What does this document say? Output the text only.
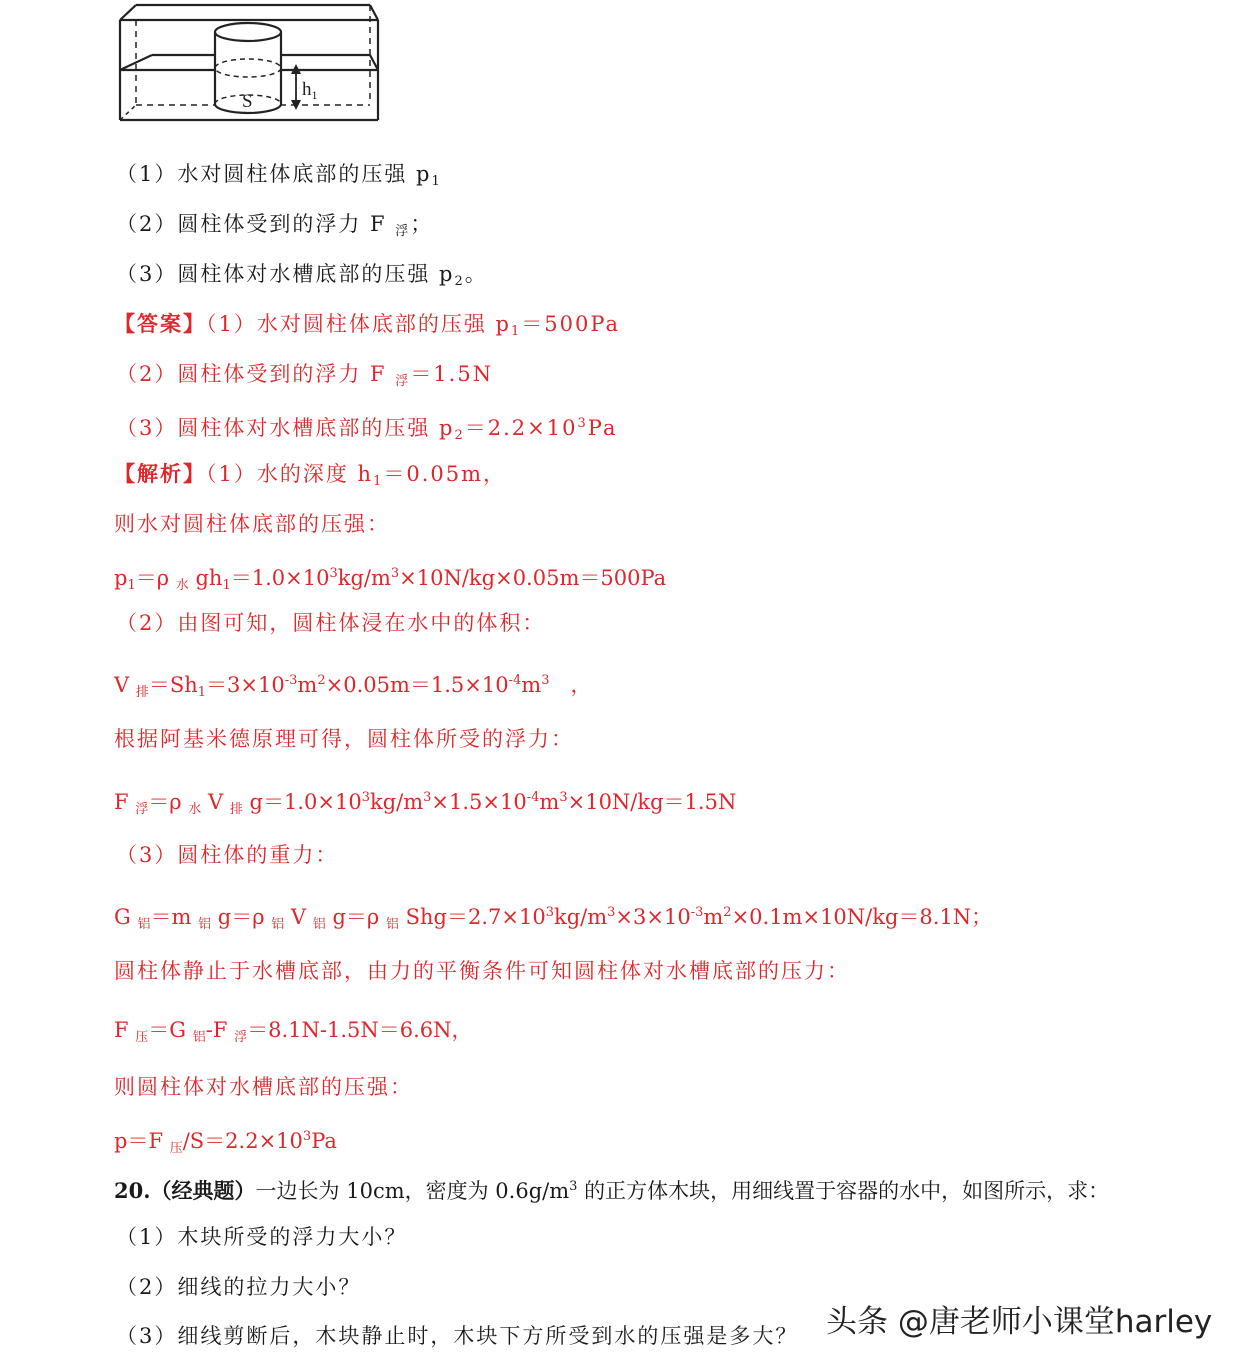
S
$h_1$
（1）水对圆柱体底部的压强 $p_1$
（2）圆柱体受到的浮力 F $_浮$；
（3）圆柱体对水槽底部的压强 $p_2$。
【答案】（1）水对圆柱体底部的压强 $p_1=500Pa$
（2）圆柱体受到的浮力 F $_浮$＝1.5N
（3）圆柱体对水槽底部的压强 $p_2=2.2\times 10^3Pa$
【解析】（1）水的深度 $h_1=0.05m$，
则水对圆柱体底部的压强：
$p_1=\rho$ $_水$ $gh_1=1.0\times 10^3kg/m^3\times 10N/kg\times 0.05m=500Pa$
（2）由图可知，圆柱体浸在水中的体积：
V $_排=Sh_1=3\times 10^{-3}m^2\times 0.05m=1.5\times 10^{-4}m^3$　，
根据阿基米德原理可得，圆柱体所受的浮力：
F $_浮$＝ρ $_水$ V $_排$ $g=1.0\times 10^3kg/m^3\times 1.5\times 10^{-4}m^3\times 10N/kg=1.5N$
（3）圆柱体的重力：
G $_铝$＝m $_铝$ g＝ρ $_铝$ V $_铝$ g＝ρ $_铝$ $Shg=2.7\times 10^3kg/m^3\times 3\times 10^{-3}m^2\times 0.1m\times 10N/kg=8.1N$；
圆柱体静止于水槽底部，由力的平衡条件可知圆柱体对水槽底部的压力：
F $_压$＝G $_铝$-F $_浮$＝8.1N-1.5N＝6.6N，
则圆柱体对水槽底部的压强：
p＝F $_压/S=2.2\times 10^3Pa$
20.（经典题）一边长为 10cm，密度为 $0.6g/m^3$ 的正方体木块，用细线置于容器的水中，如图所示，求：
（1）木块所受的浮力大小？
（2）细线的拉力大小？
（3）细线剪断后，木块静止时，木块下方所受到水的压强是多大？ 头条 @唐老师小课堂harley
